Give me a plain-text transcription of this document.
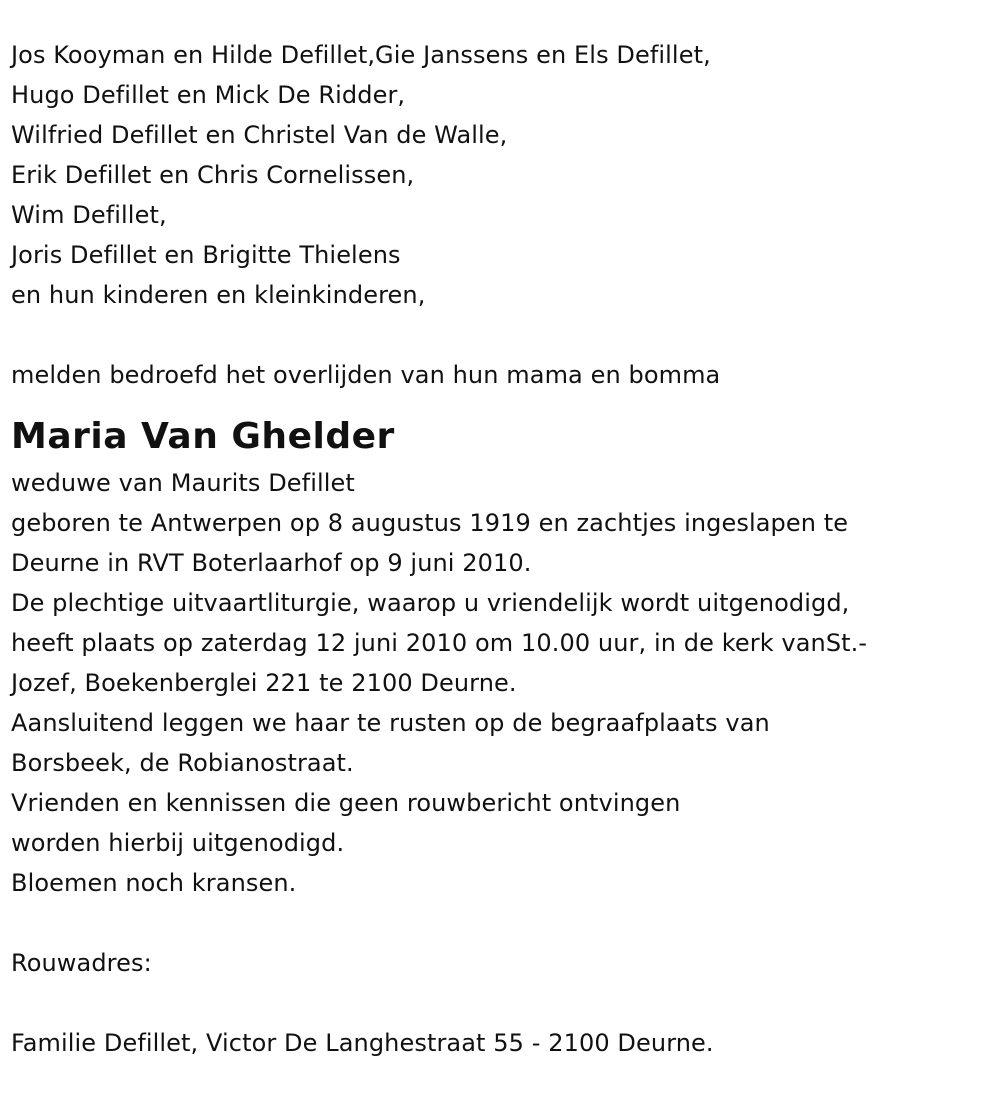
Jos Kooyman en Hilde Defillet,Gie Janssens en Els Defillet,
Hugo Defillet en Mick De Ridder,
Wilfried Defillet en Christel Van de Walle,
Erik Defillet en Chris Cornelissen,
Wim Defillet,
Joris Defillet en Brigitte Thielens
en hun kinderen en kleinkinderen,
melden bedroefd het overlijden van hun mama en bomma
Maria Van Ghelder
weduwe van Maurits Defillet
geboren te Antwerpen op 8 augustus 1919 en zachtjes ingeslapen te
Deurne in RVT Boterlaarhof op 9 juni 2010.
De plechtige uitvaartliturgie, waarop u vriendelijk wordt uitgenodigd,
heeft plaats op zaterdag 12 juni 2010 om 10.00 uur, in de kerk vanSt.-
Jozef, Boekenberglei 221 te 2100 Deurne.
Aansluitend leggen we haar te rusten op de begraafplaats van
Borsbeek, de Robianostraat.
Vrienden en kennissen die geen rouwbericht ontvingen
worden hierbij uitgenodigd.
Bloemen noch kransen.
Rouwadres:
Familie Defillet, Victor De Langhestraat 55 - 2100 Deurne.
